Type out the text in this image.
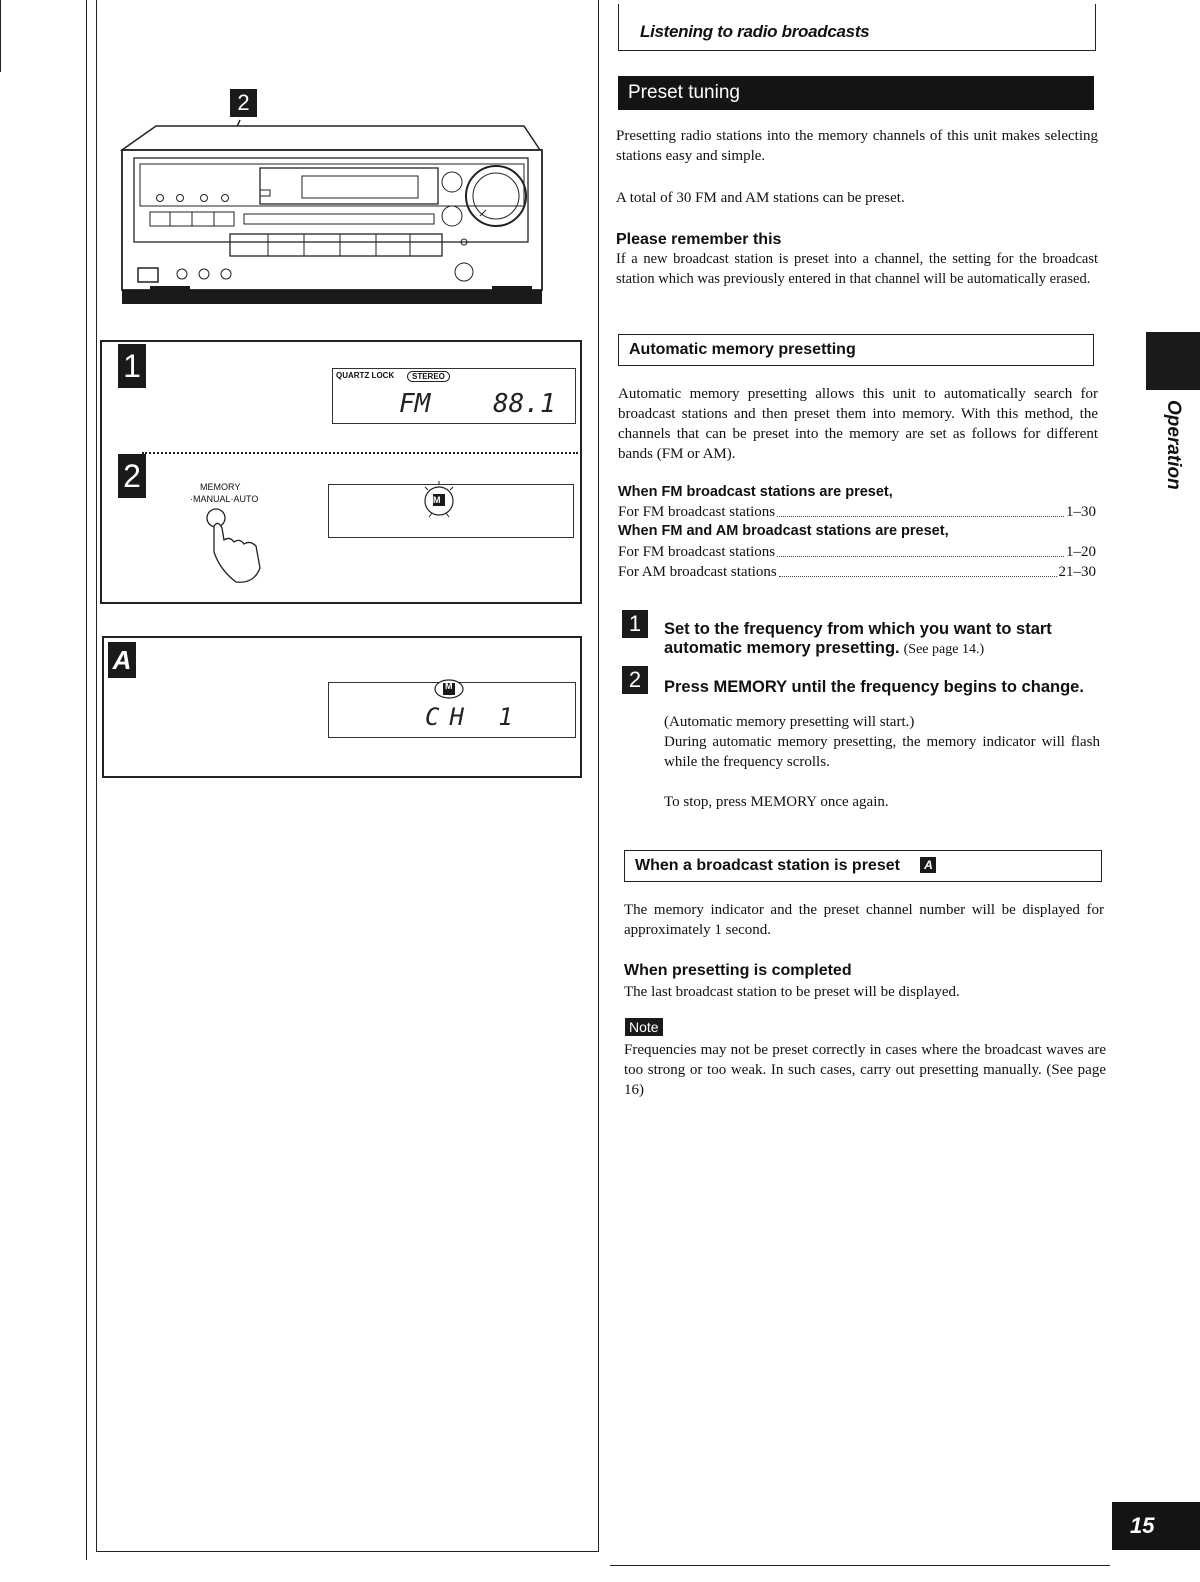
2
1	QUARTZ LOCK	STEREO
FM 88.1
2	MEMORY
·MANUAL·AUTO	M
A
M
CH 1
Listening to radio broadcasts
Preset tuning
Presetting radio stations into the memory channels of this unit makes selecting stations easy and simple.
A total of 30 FM and AM stations can be preset.
Please remember this
If a new broadcast station is preset into a channel, the setting for the broadcast station which was previously entered in that channel will be automatically erased.
Automatic memory presetting
Automatic memory presetting allows this unit to automatically search for broadcast stations and then preset them into memory. With this method, the channels that can be preset into the memory are set as follows for different bands (FM or AM).
When FM broadcast stations are preset,
For FM broadcast stations	1–30
When FM and AM broadcast stations are preset,
For FM broadcast stations	1–20
For AM broadcast stations	21–30
1	Set to the frequency from which you want to start automatic memory presetting. (See page 14.)
2	Press MEMORY until the frequency begins to change.
(Automatic memory presetting will start.)
During automatic memory presetting, the memory indicator will flash while the frequency scrolls.
To stop, press MEMORY once again.
When a broadcast station is preset A
The memory indicator and the preset channel number will be displayed for approximately 1 second.
When presetting is completed
The last broadcast station to be preset will be displayed.
Note
Frequencies may not be preset correctly in cases where the broadcast waves are too strong or too weak. In such cases, carry out presetting manually. (See page 16)
Operation
15
